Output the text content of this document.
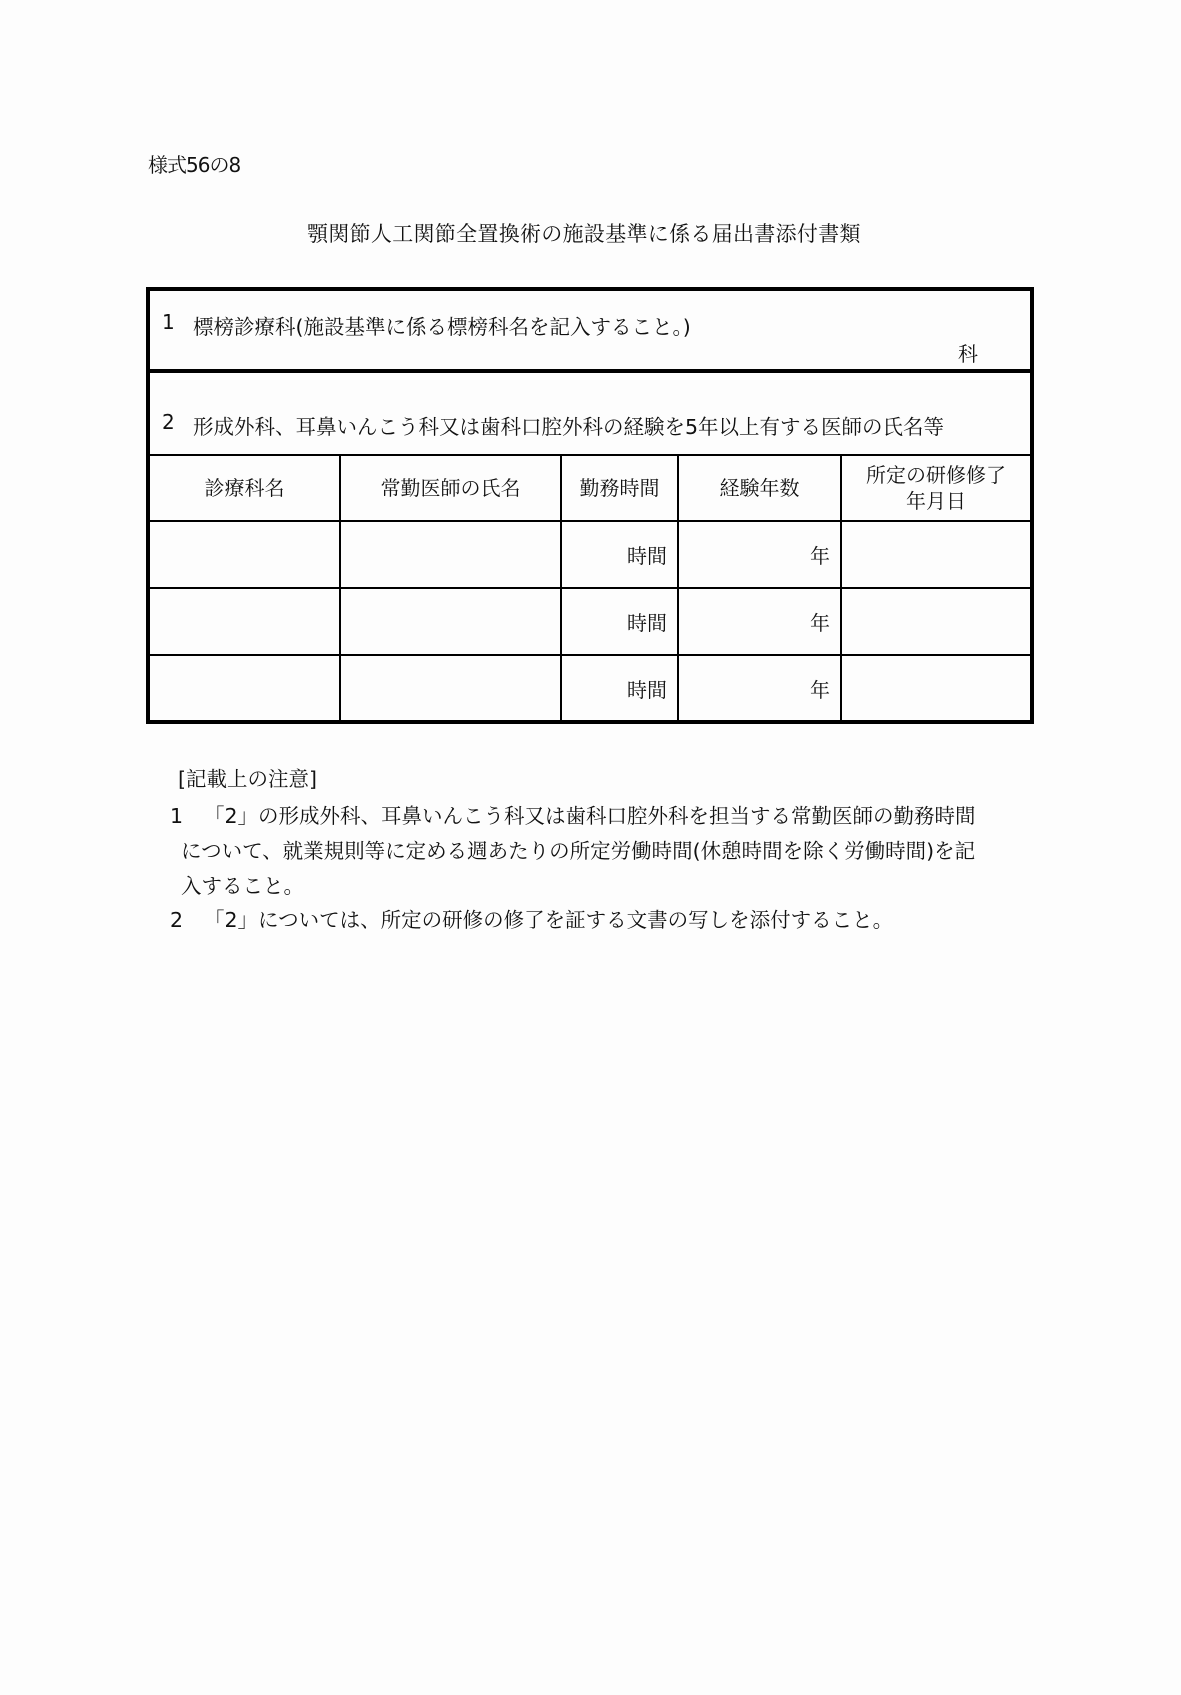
様式56の8
顎関節人工関節全置換術の施設基準に係る届出書添付書類
1 標榜診療科(施設基準に係る標榜科名を記入すること。)
科
2 形成外科、耳鼻いんこう科又は歯科口腔外科の経験を5年以上有する医師の氏名等
診療科名	常勤医師の氏名	勤務時間	経験年数	所定の研修修了
年月日
		時間	年	
		時間	年	
		時間	年	
[記載上の注意]
1 「2」の形成外科、耳鼻いんこう科又は歯科口腔外科を担当する常勤医師の勤務時間
について、就業規則等に定める週あたりの所定労働時間(休憩時間を除く労働時間)を記
入すること。
2 「2」については、所定の研修の修了を証する文書の写しを添付すること。
